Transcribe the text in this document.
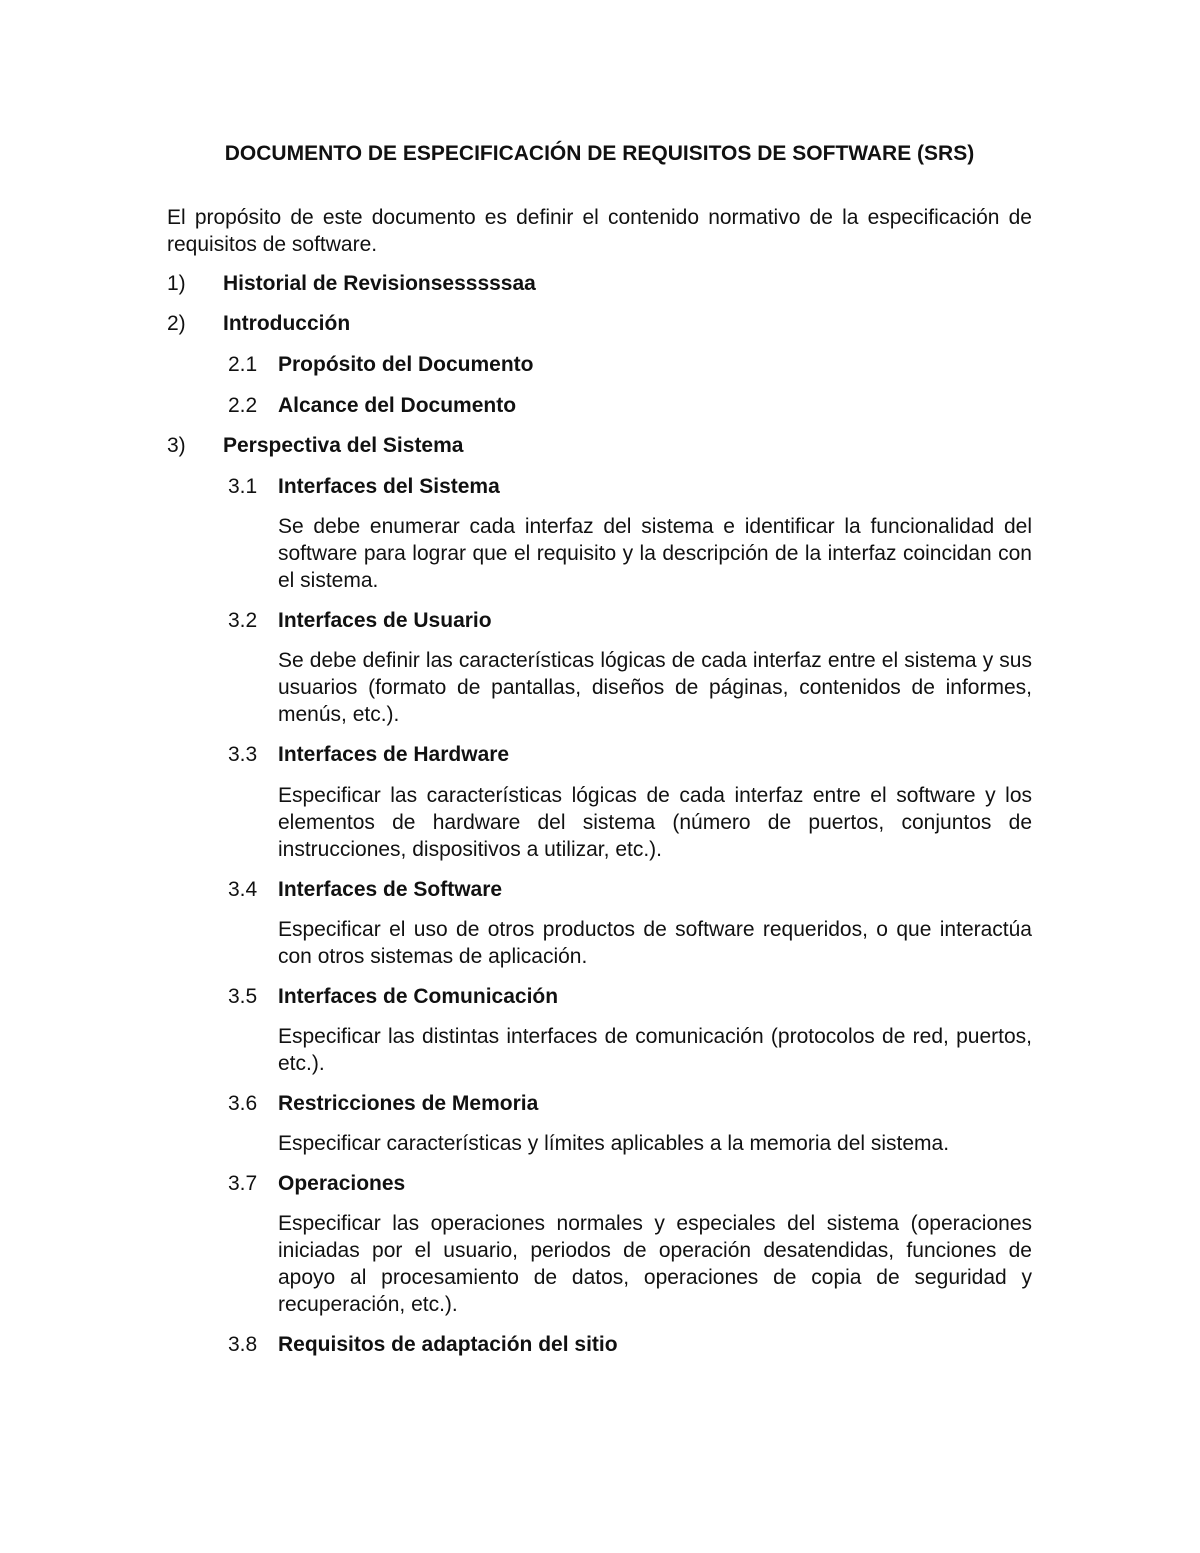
DOCUMENTO DE ESPECIFICACIÓN DE REQUISITOS DE SOFTWARE (SRS)

El propósito de este documento es definir el contenido normativo de la especificación de requisitos de software.

1)	Historial de Revisionsesssssaa
2)	Introducción
2.1 Propósito del Documento
2.2 Alcance del Documento
3)	Perspectiva del Sistema
3.1 Interfaces del Sistema
Se debe enumerar cada interfaz del sistema e identificar la funcionalidad del software para lograr que el requisito y la descripción de la interfaz coincidan con el sistema.
3.2 Interfaces de Usuario
Se debe definir las características lógicas de cada interfaz entre el sistema y sus usuarios (formato de pantallas, diseños de páginas, contenidos de informes, menús, etc.).
3.3 Interfaces de Hardware
Especificar las características lógicas de cada interfaz entre el software y los elementos de hardware del sistema (número de puertos, conjuntos de instrucciones, dispositivos a utilizar, etc.).
3.4 Interfaces de Software
Especificar el uso de otros productos de software requeridos, o que interactúa con otros sistemas de aplicación.
3.5 Interfaces de Comunicación
Especificar las distintas interfaces de comunicación (protocolos de red, puertos, etc.).
3.6 Restricciones de Memoria
Especificar características y límites aplicables a la memoria del sistema.
3.7 Operaciones
Especificar las operaciones normales y especiales del sistema (operaciones iniciadas por el usuario, periodos de operación desatendidas, funciones de apoyo al procesamiento de datos, operaciones de copia de seguridad y recuperación, etc.).
3.8 Requisitos de adaptación del sitio
